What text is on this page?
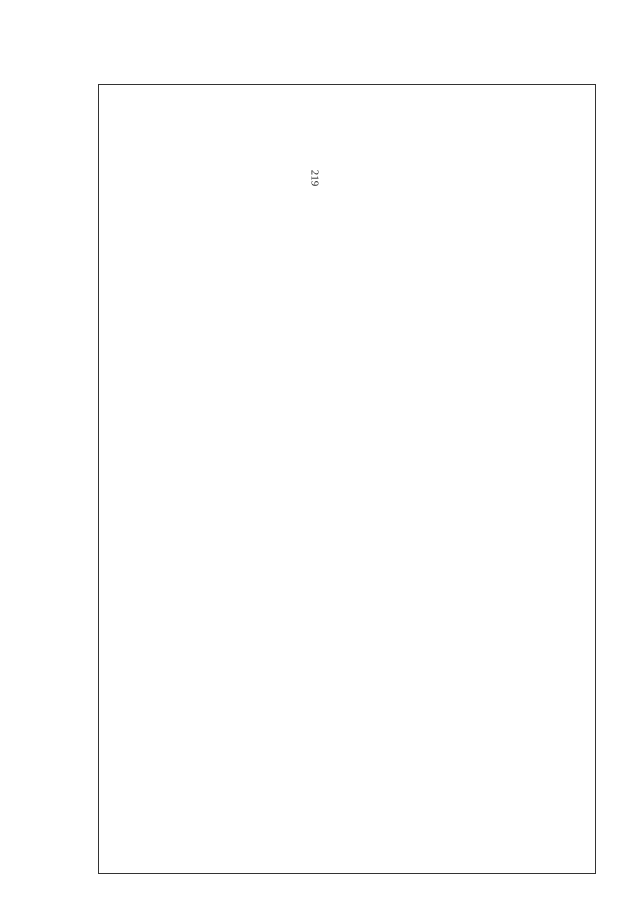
219
